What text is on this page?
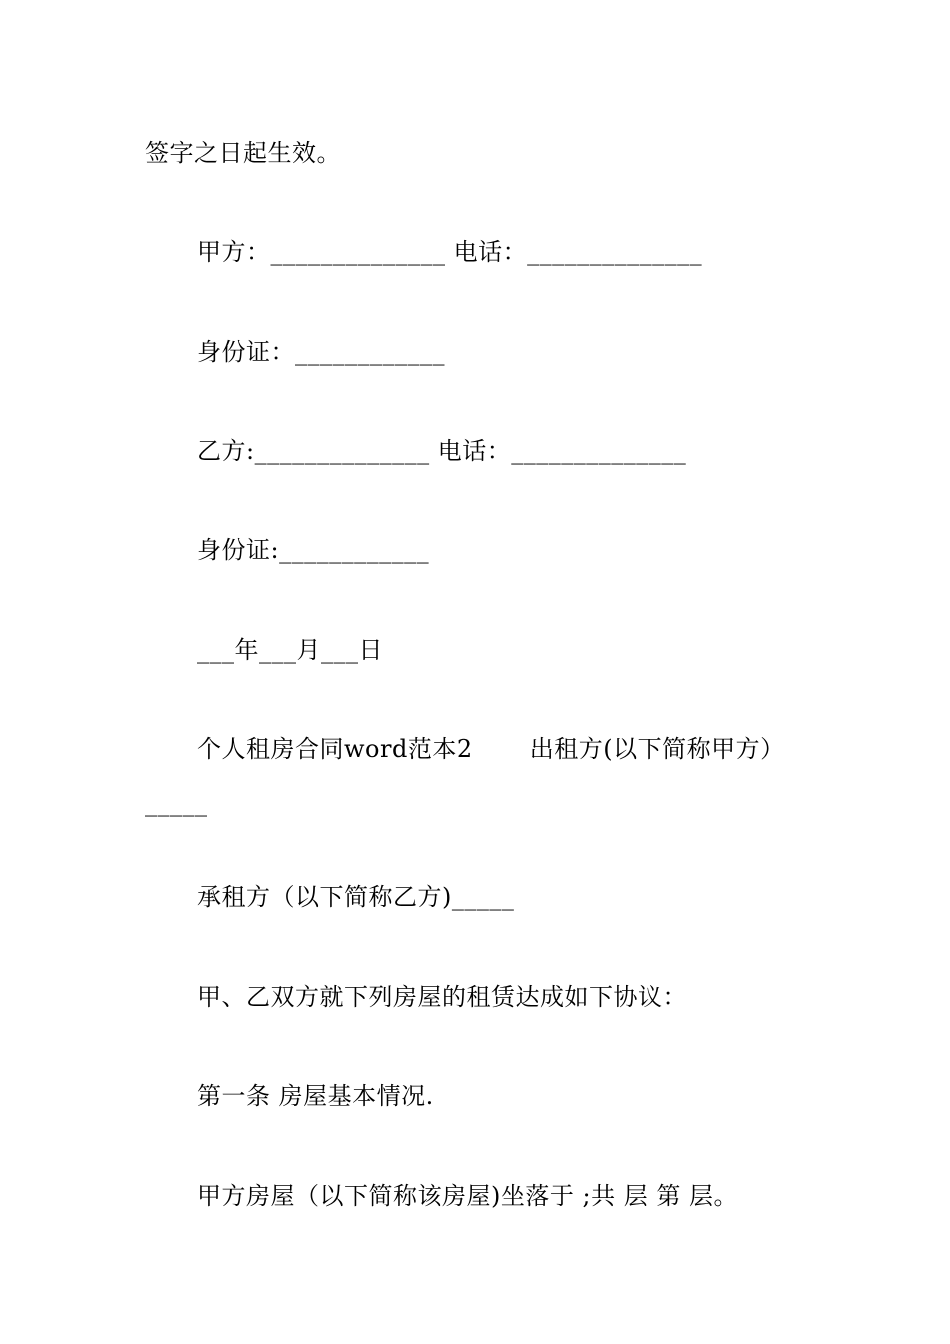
签字之日起生效。
甲方：______________ 电话：______________
身份证：____________
乙方:______________ 电话：______________
身份证:____________
___年___月___日
个人租房合同word范本2　　 出租方(以下简称甲方）
_____
承租方（以下简称乙方)_____
甲、乙双方就下列房屋的租赁达成如下协议：
第一条 房屋基本情况.
甲方房屋（以下简称该房屋)坐落于 ;共 层 第 层。
